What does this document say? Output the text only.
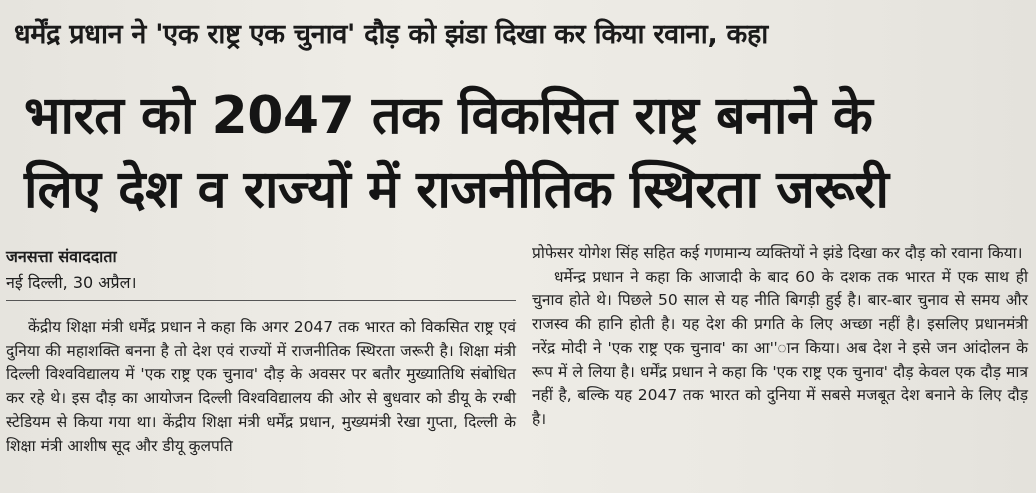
धर्मेंद्र प्रधान ने 'एक राष्ट्र एक चुनाव' दौड़ को झंडा दिखा कर किया रवाना, कहा
भारत को 2047 तक विकसित राष्ट्र बनाने के
लिए देश व राज्यों में राजनीतिक स्थिरता जरूरी
जनसत्ता संवाददाता
नई दिल्ली, 30 अप्रैल।

केंद्रीय शिक्षा मंत्री धर्मेंद्र प्रधान ने कहा कि अगर 2047 तक भारत को विकसित राष्ट्र एवं दुनिया की महाशक्ति बनना है तो देश एवं राज्यों में राजनीतिक स्थिरता जरूरी है। शिक्षा मंत्री दिल्ली विश्वविद्यालय में 'एक राष्ट्र एक चुनाव' दौड़ के अवसर पर बतौर मुख्यातिथि संबोधित कर रहे थे। इस दौड़ का आयोजन दिल्ली विश्वविद्यालय की ओर से बुधवार को डीयू के रग्बी स्टेडियम से किया गया था। केंद्रीय शिक्षा मंत्री धर्मेंद्र प्रधान, मुख्यमंत्री रेखा गुप्ता, दिल्ली के शिक्षा मंत्री आशीष सूद और डीयू कुलपति

प्रोफेसर योगेश सिंह सहित कई गणमान्य व्यक्तियों ने झंडे दिखा कर दौड़ को रवाना किया।

धर्मेन्द्र प्रधान ने कहा कि आजादी के बाद 60 के दशक तक भारत में एक साथ ही चुनाव होते थे। पिछले 50 साल से यह नीति बिगड़ी हुई है। बार-बार चुनाव से समय और राजस्व की हानि होती है। यह देश की प्रगति के लिए अच्छा नहीं है। इसलिए प्रधानमंत्री नरेंद्र मोदी ने 'एक राष्ट्र एक चुनाव' का आ''ान किया। अब देश ने इसे जन आंदोलन के रूप में ले लिया है। धर्मेंद्र प्रधान ने कहा कि 'एक राष्ट्र एक चुनाव' दौड़ केवल एक दौड़ मात्र नहीं है, बल्कि यह 2047 तक भारत को दुनिया में सबसे मजबूत देश बनाने के लिए दौड़ है।
